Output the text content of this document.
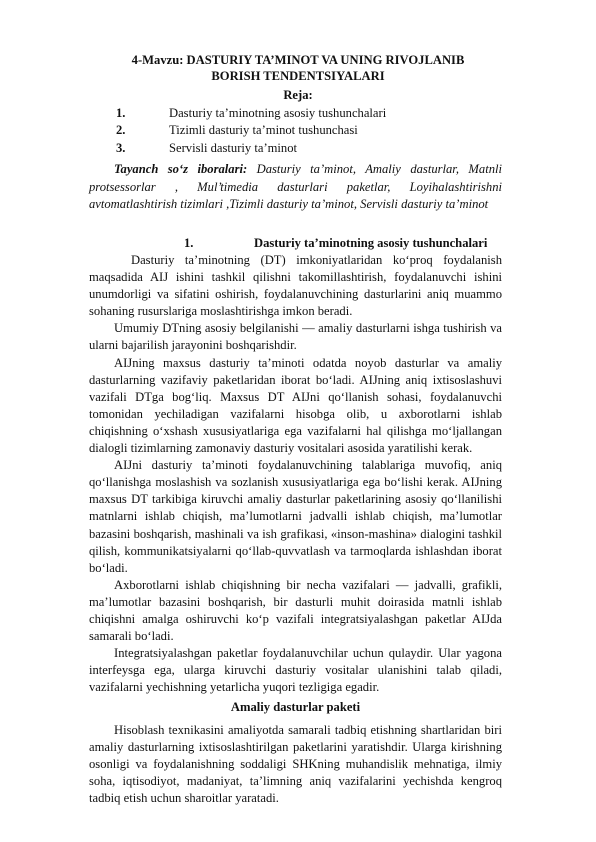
4-Mavzu: DASTURIY TA’MINOT VA UNING RIVOJLANIB
BORISH TENDENTSIYALARI
Reja:
1.	Dasturiy ta’minotning asosiy tushunchalari
2.	Tizimli dasturiy ta’minot tushunchasi
3.	Servisli dasturiy ta’minot
Tayanch so‘z iboralari: Dasturiy ta’minot, Amaliy dasturlar, Matnli protsessorlar , Mul’timedia dasturlari paketlar, Loyihalashtirishni avtomatlashtirish tizimlari ,Tizimli dasturiy ta’minot, Servisli dasturiy ta’minot
1.	Dasturiy ta’minotning asosiy tushunchalari

Dasturiy ta’minotning (DT) imkoniyatlaridan ko‘proq foydalanish maqsadida AIJ ishini tashkil qilishni takomillashtirish, foydalanuvchi ishini unumdorligi va sifatini oshirish, foydalanuvchining dasturlarini aniq muammo sohaning rusurslariga moslashtirishga imkon beradi.

Umumiy DTning asosiy belgilanishi — amaliy dasturlarni ishga tushirish va ularni bajarilish jarayonini boshqarishdir.

AIJning maxsus dasturiy ta’minoti odatda noyob dasturlar va amaliy dasturlarning vazifaviy paketlaridan iborat bo‘ladi. AIJning aniq ixtisoslashuvi vazifali DTga bog‘liq. Maxsus DT AIJni qo‘llanish sohasi, foydalanuvchi tomonidan yechiladigan vazifalarni hisobga olib, u axborotlarni ishlab chiqishning o‘xshash xususiyatlariga ega vazifalarni hal qilishga mo‘ljallangan dialogli tizimlarning zamonaviy dasturiy vositalari asosida yaratilishi kerak.

AIJni dasturiy ta’minoti foydalanuvchining talablariga muvofiq, aniq qo‘llanishga moslashish va sozlanish xususiyatlariga ega bo‘lishi kerak. AIJning maxsus DT tarkibiga kiruvchi amaliy dasturlar paketlarining asosiy qo‘llanilishi matnlarni ishlab chiqish, ma’lumotlarni jadvalli ishlab chiqish, ma’lumotlar bazasini boshqarish, mashinali va ish grafikasi, «inson-mashina» dialogini tashkil qilish, kommunikatsiyalarni qo‘llab-quvvatlash va tarmoqlarda ishlashdan iborat bo‘ladi.

Axborotlarni ishlab chiqishning bir necha vazifalari — jadvalli, grafikli, ma’lumotlar bazasini boshqarish, bir dasturli muhit doirasida matnli ishlab chiqishni amalga oshiruvchi ko‘p vazifali integratsiyalashgan paketlar AIJda samarali bo‘ladi.

Integratsiyalashgan paketlar foydalanuvchilar uchun qulaydir. Ular yagona interfeysga ega, ularga kiruvchi dasturiy vositalar ulanishini talab qiladi, vazifalarni yechishning yetarlicha yuqori tezligiga egadir.

Amaliy dasturlar paketi

Hisoblash texnikasini amaliyotda samarali tadbiq etishning shartlaridan biri amaliy dasturlarning ixtisoslashtirilgan paketlarini yaratishdir. Ularga kirishning osonligi va foydalanishning soddaligi SHKning muhandislik mehnatiga, ilmiy soha, iqtisodiyot, madaniyat, ta’limning aniq vazifalarini yechishda kengroq tadbiq etish uchun sharoitlar yaratadi.
